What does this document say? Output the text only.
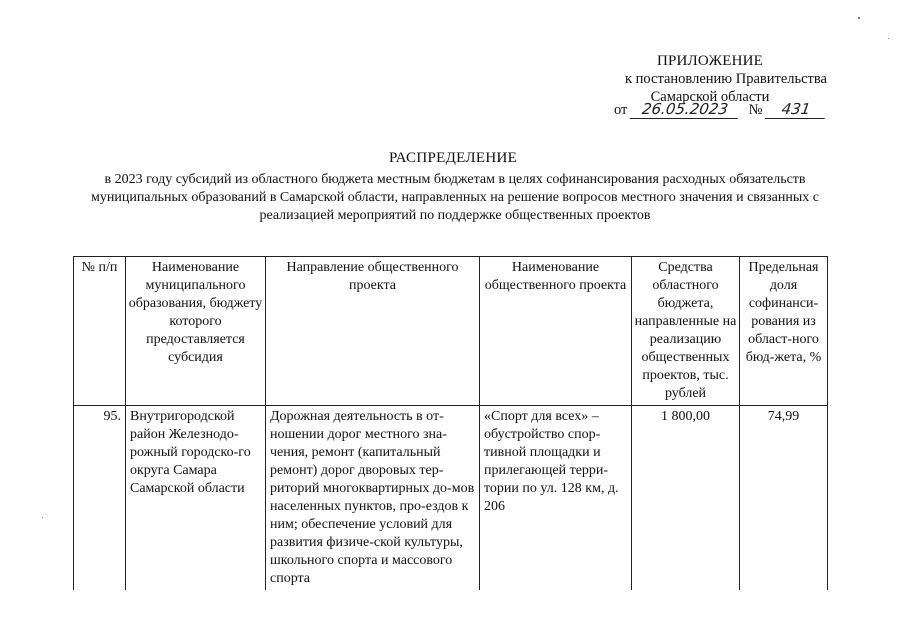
ПРИЛОЖЕНИЕ
к постановлению Правительства
Самарской области
от 26.05.2023 № 431
РАСПРЕДЕЛЕНИЕ
в 2023 году субсидий из областного бюджета местным бюджетам в целях софинансирования расходных обязательств муниципальных образований в Самарской области, направленных на решение вопросов местного значения и связанных с реализацией мероприятий по поддержке общественных проектов
№ п/п	Наименование муниципального образования, бюджету которого предоставляется субсидия	Направление общественного проекта	Наименование общественного проекта	Средства областного бюджета, направленные на реализацию общественных проектов, тыс. рублей	Предельная доля софинанси-рования из област-ного бюд-жета, %
95.	Внутригородской район Железнодо-рожный городско-го округа Самара Самарской области	Дорожная деятельность в от-ношении дорог местного зна-чения, ремонт (капитальный ремонт) дорог дворовых тер-риторий многоквартирных до-мов населенных пунктов, про-ездов к ним; обеспечение условий для развития физиче-ской культуры, школьного спорта и массового спорта	«Спорт для всех» – обустройство спор-тивной площадки и прилегающей терри-тории по ул. 128 км, д. 206	1 800,00	74,99
